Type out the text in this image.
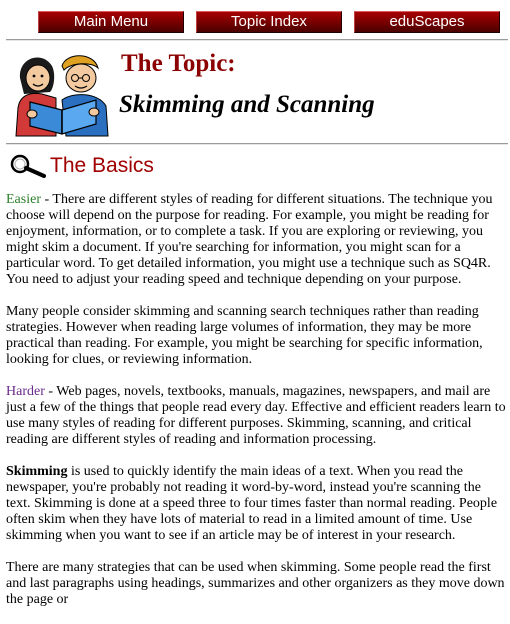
Main Menu	Topic Index	eduScapes
The Topic:
Skimming and Scanning
The Basics

Easier - There are different styles of reading for different situations. The technique you choose will depend on the purpose for reading. For example, you might be reading for enjoyment, information, or to complete a task. If you are exploring or reviewing, you might skim a document. If you're searching for information, you might scan for a particular word. To get detailed information, you might use a technique such as SQ4R. You need to adjust your reading speed and technique depending on your purpose.

Many people consider skimming and scanning search techniques rather than reading strategies. However when reading large volumes of information, they may be more practical than reading. For example, you might be searching for specific information, looking for clues, or reviewing information.

Harder - Web pages, novels, textbooks, manuals, magazines, newspapers, and mail are just a few of the things that people read every day. Effective and efficient readers learn to use many styles of reading for different purposes. Skimming, scanning, and critical reading are different styles of reading and information processing.

Skimming is used to quickly identify the main ideas of a text. When you read the newspaper, you're probably not reading it word-by-word, instead you're scanning the text. Skimming is done at a speed three to four times faster than normal reading. People often skim when they have lots of material to read in a limited amount of time. Use skimming when you want to see if an article may be of interest in your research.

There are many strategies that can be used when skimming. Some people read the first and last paragraphs using headings, summarizes and other organizers as they move down the page or
